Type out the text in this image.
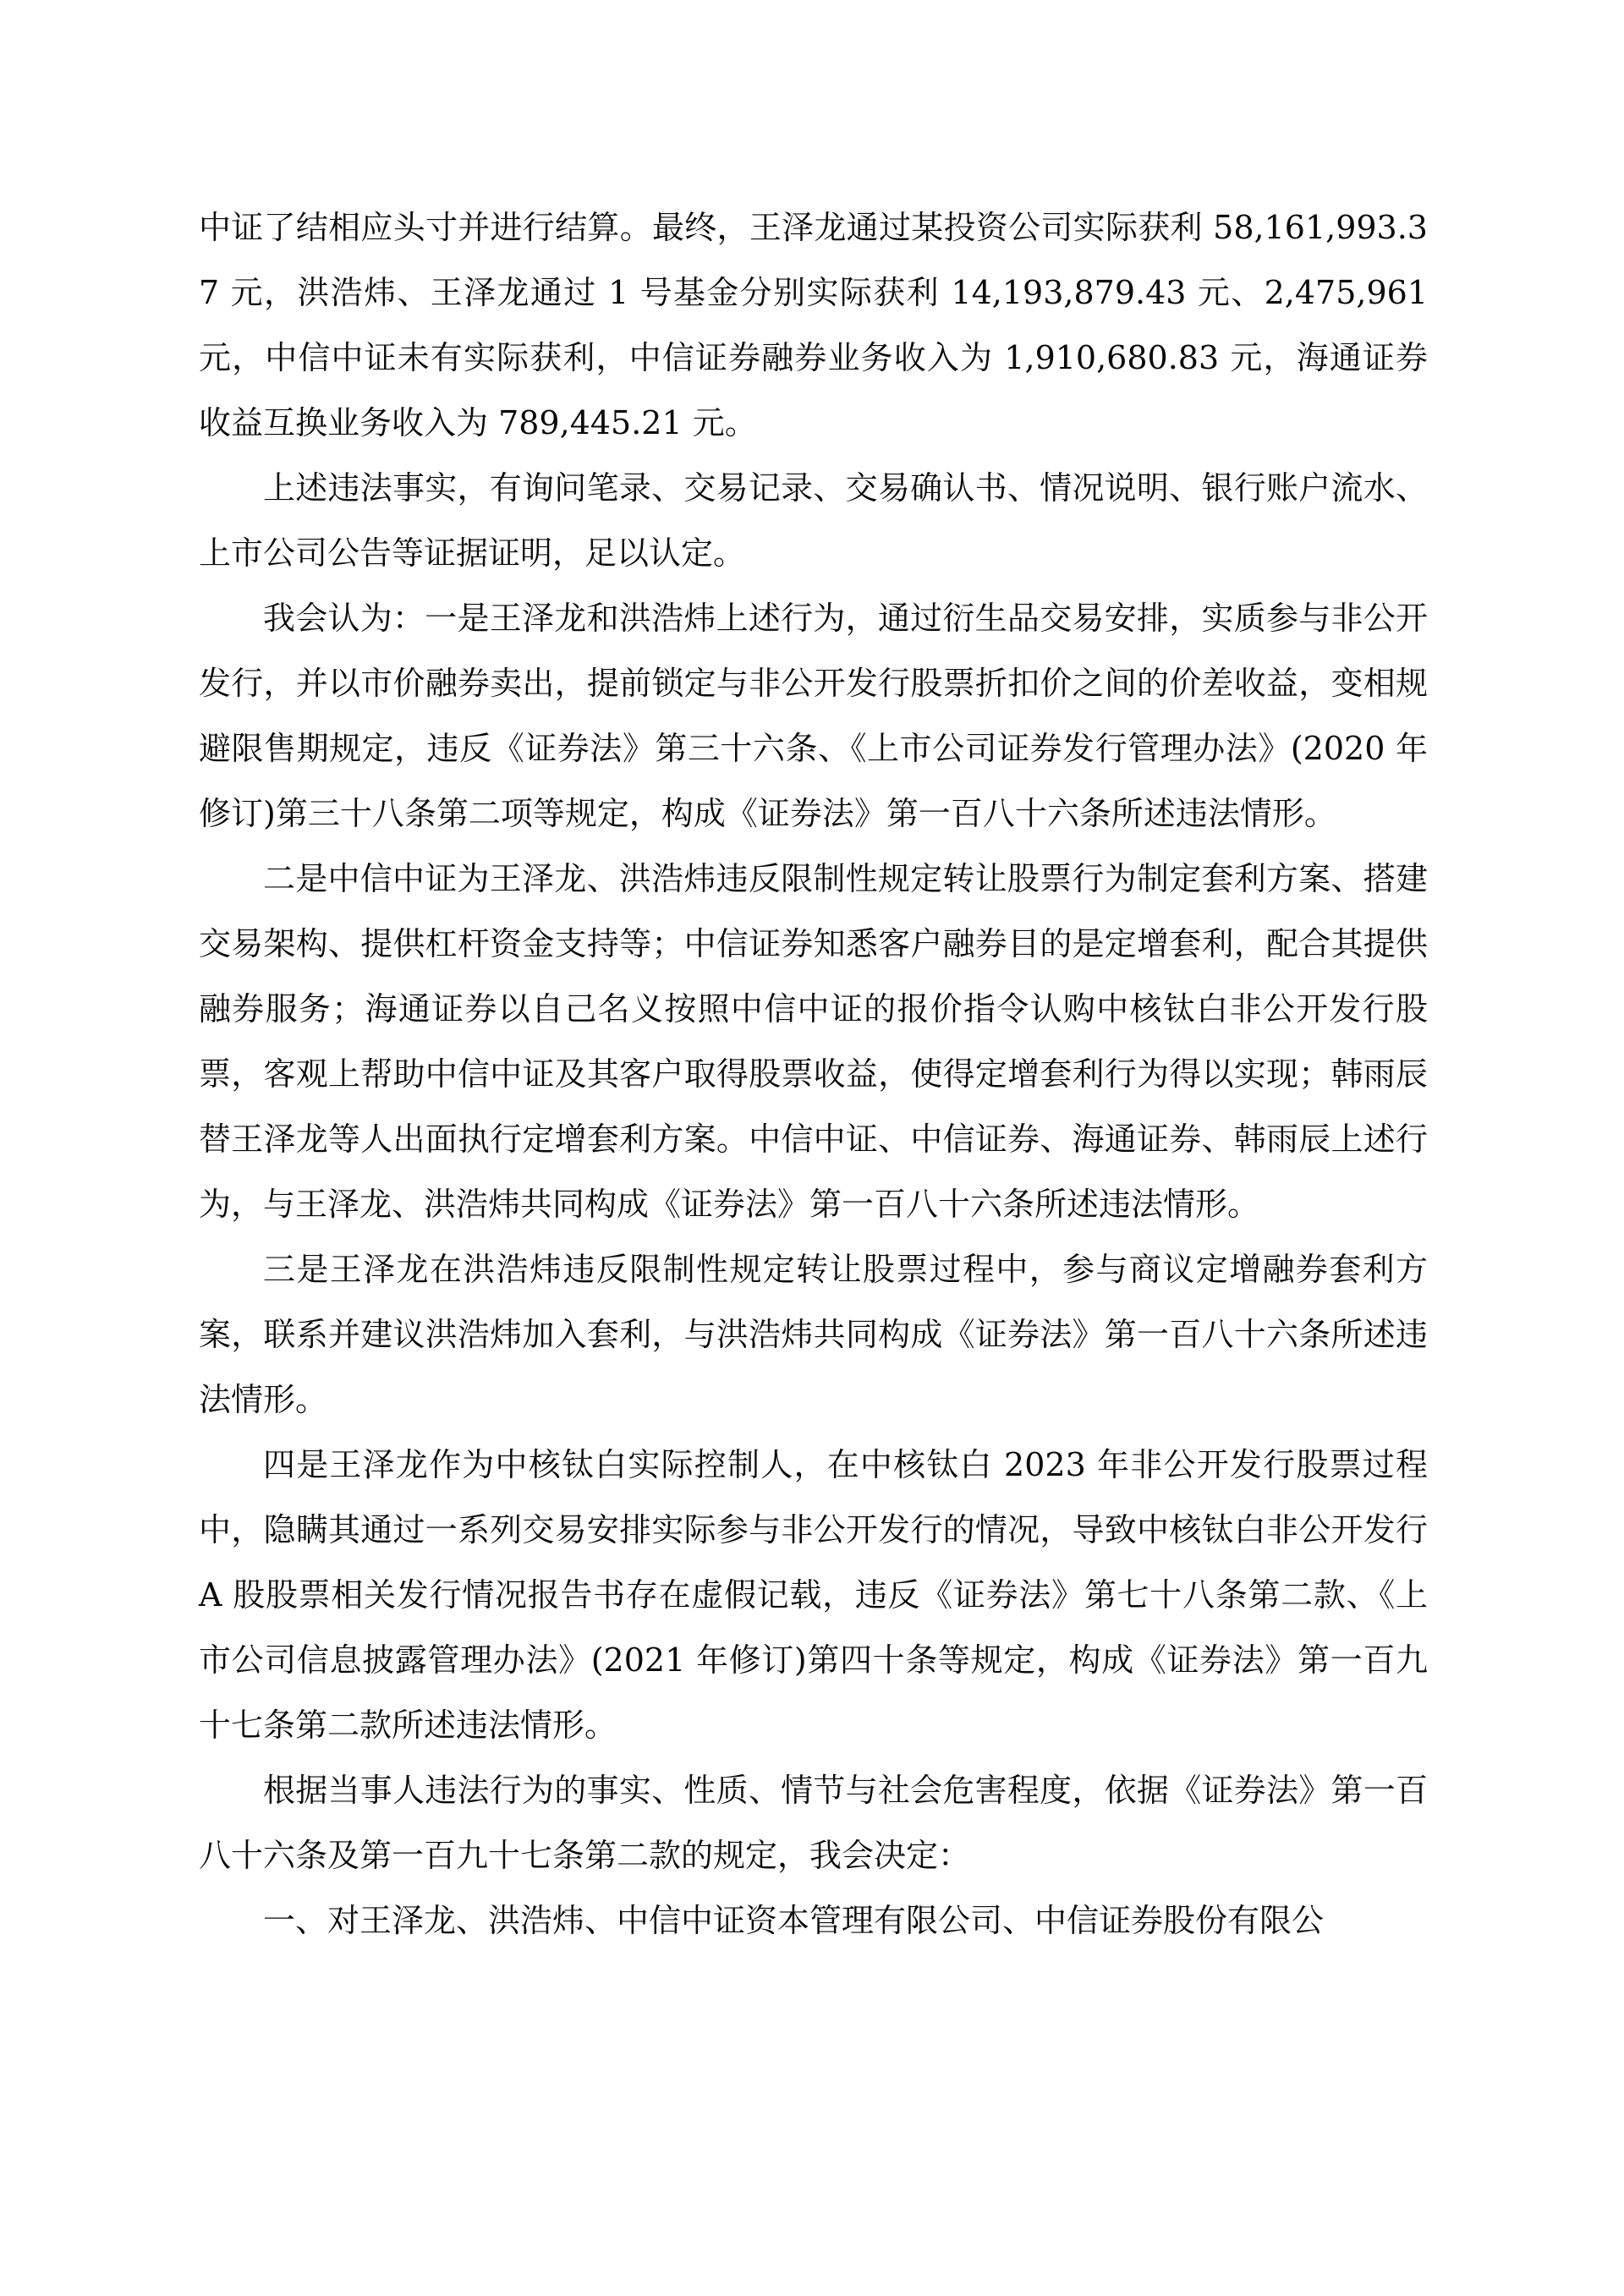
中证了结相应头寸并进行结算。最终，王泽龙通过某投资公司实际获利 58,161,993.37 元，洪浩炜、王泽龙通过 1 号基金分别实际获利 14,193,879.43 元、2,475,961 元，中信中证未有实际获利，中信证券融券业务收入为 1,910,680.83 元，海通证券收益互换业务收入为 789,445.21 元。

上述违法事实，有询问笔录、交易记录、交易确认书、情况说明、银行账户流水、上市公司公告等证据证明，足以认定。

我会认为：一是王泽龙和洪浩炜上述行为，通过衍生品交易安排，实质参与非公开发行，并以市价融券卖出，提前锁定与非公开发行股票折扣价之间的价差收益，变相规避限售期规定，违反《证券法》第三十六条、《上市公司证券发行管理办法》(2020 年修订)第三十八条第二项等规定，构成《证券法》第一百八十六条所述违法情形。

二是中信中证为王泽龙、洪浩炜违反限制性规定转让股票行为制定套利方案、搭建交易架构、提供杠杆资金支持等；中信证券知悉客户融券目的是定增套利，配合其提供融券服务；海通证券以自己名义按照中信中证的报价指令认购中核钛白非公开发行股票，客观上帮助中信中证及其客户取得股票收益，使得定增套利行为得以实现；韩雨辰替王泽龙等人出面执行定增套利方案。中信中证、中信证券、海通证券、韩雨辰上述行为，与王泽龙、洪浩炜共同构成《证券法》第一百八十六条所述违法情形。

三是王泽龙在洪浩炜违反限制性规定转让股票过程中，参与商议定增融券套利方案，联系并建议洪浩炜加入套利，与洪浩炜共同构成《证券法》第一百八十六条所述违法情形。

四是王泽龙作为中核钛白实际控制人，在中核钛白 2023 年非公开发行股票过程中，隐瞒其通过一系列交易安排实际参与非公开发行的情况，导致中核钛白非公开发行 A 股股票相关发行情况报告书存在虚假记载，违反《证券法》第七十八条第二款、《上市公司信息披露管理办法》(2021 年修订)第四十条等规定，构成《证券法》第一百九十七条第二款所述违法情形。

根据当事人违法行为的事实、性质、情节与社会危害程度，依据《证券法》第一百八十六条及第一百九十七条第二款的规定，我会决定：

一、对王泽龙、洪浩炜、中信中证资本管理有限公司、中信证券股份有限公
